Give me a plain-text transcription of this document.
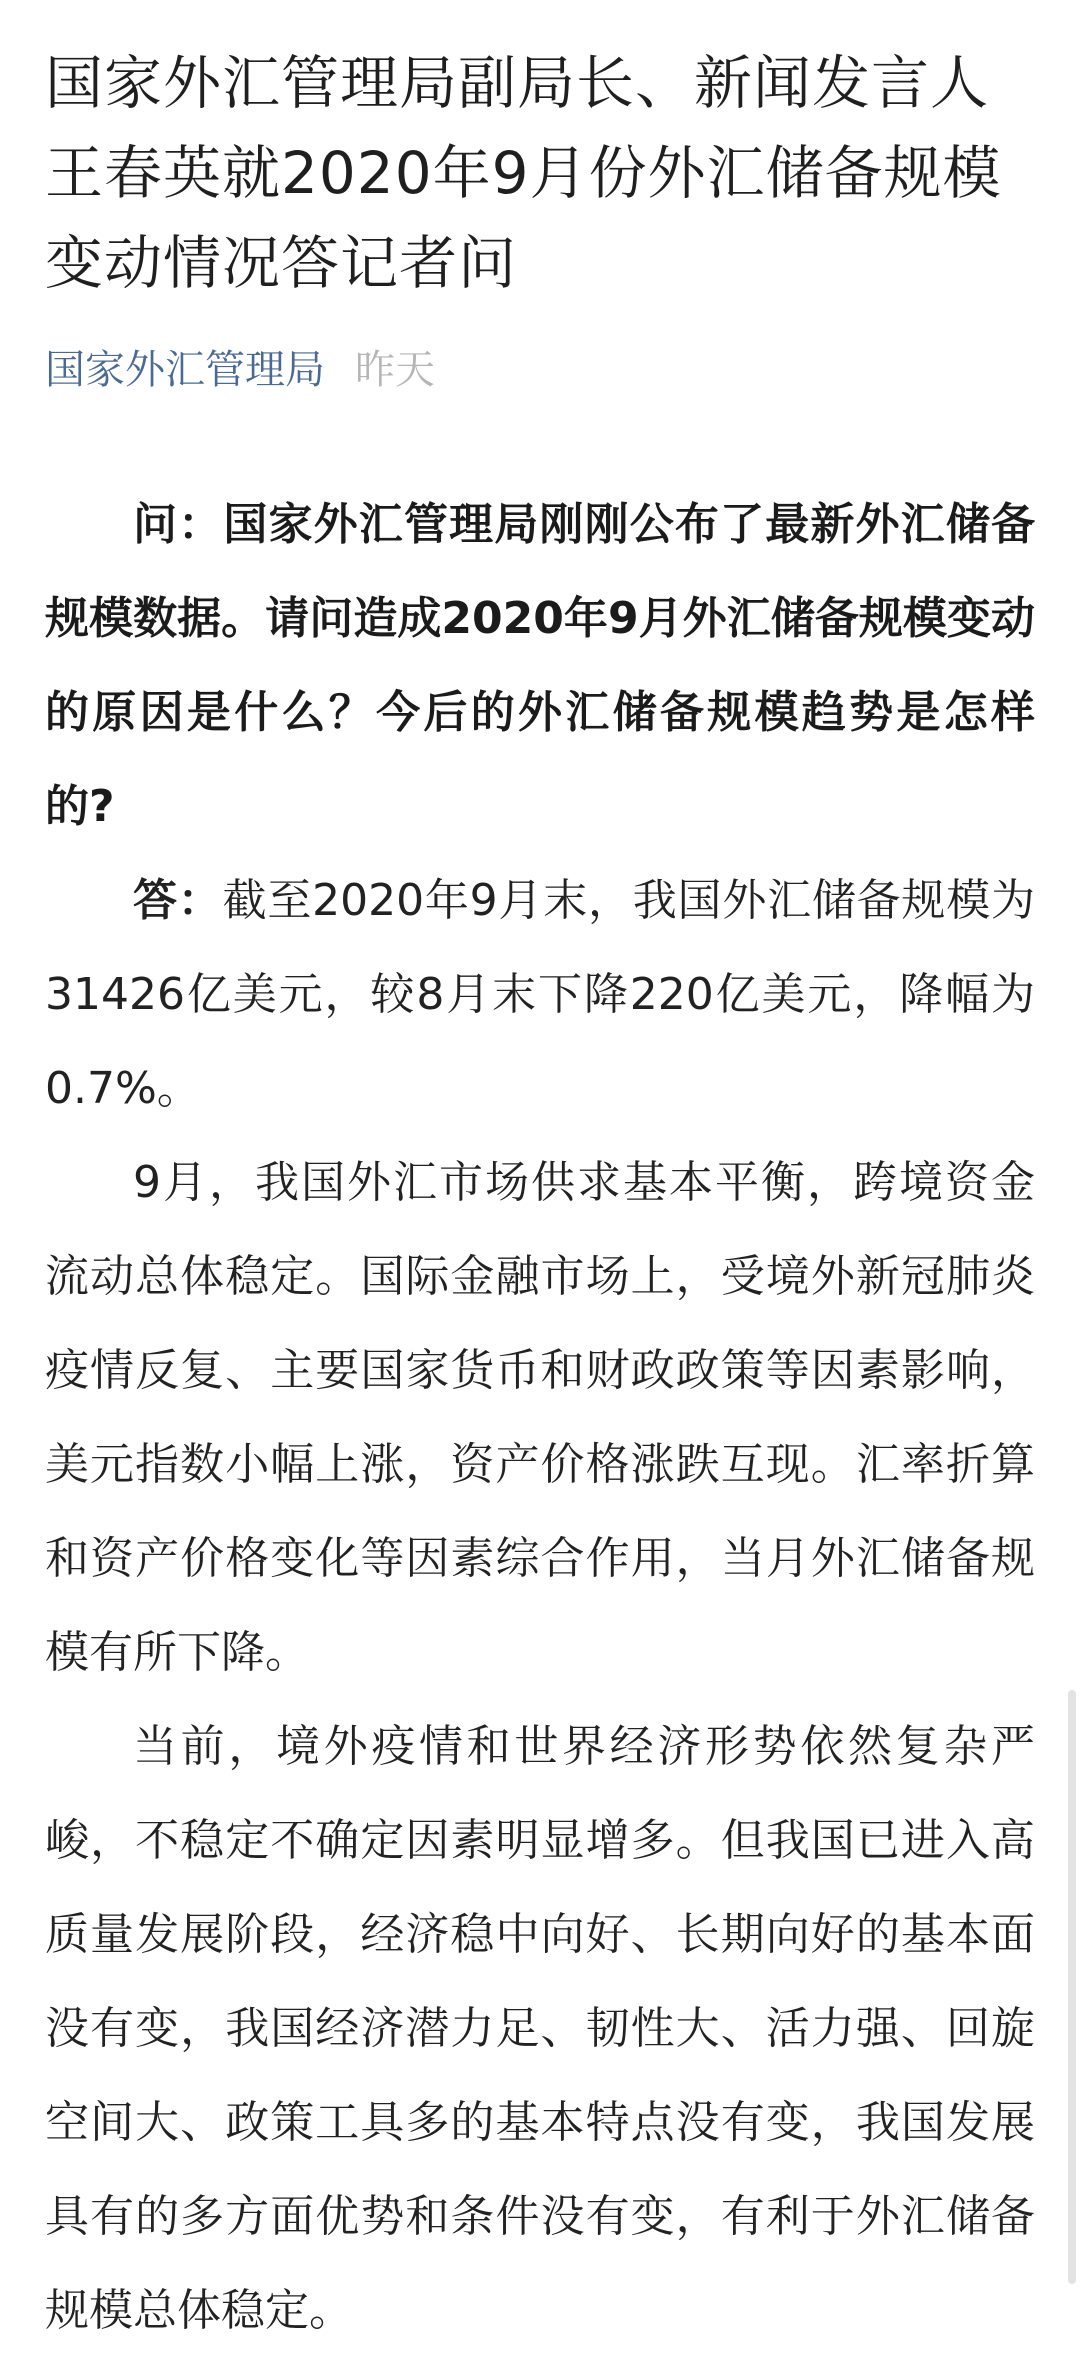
国家外汇管理局副局长、新闻发言人
王春英就2020年9月份外汇储备规模
变动情况答记者问
国家外汇管理局 昨天

问：国家外汇管理局刚刚公布了最新外汇储备规模数据。请问造成2020年9月外汇储备规模变动的原因是什么？今后的外汇储备规模趋势是怎样的?

答：截至2020年9月末，我国外汇储备规模为31426亿美元，较8月末下降220亿美元，降幅为0.7%。

9月，我国外汇市场供求基本平衡，跨境资金流动总体稳定。国际金融市场上，受境外新冠肺炎疫情反复、主要国家货币和财政政策等因素影响，美元指数小幅上涨，资产价格涨跌互现。汇率折算和资产价格变化等因素综合作用，当月外汇储备规模有所下降。

当前，境外疫情和世界经济形势依然复杂严峻，不稳定不确定因素明显增多。但我国已进入高质量发展阶段，经济稳中向好、长期向好的基本面没有变，我国经济潜力足、韧性大、活力强、回旋空间大、政策工具多的基本特点没有变，我国发展具有的多方面优势和条件没有变，有利于外汇储备规模总体稳定。
